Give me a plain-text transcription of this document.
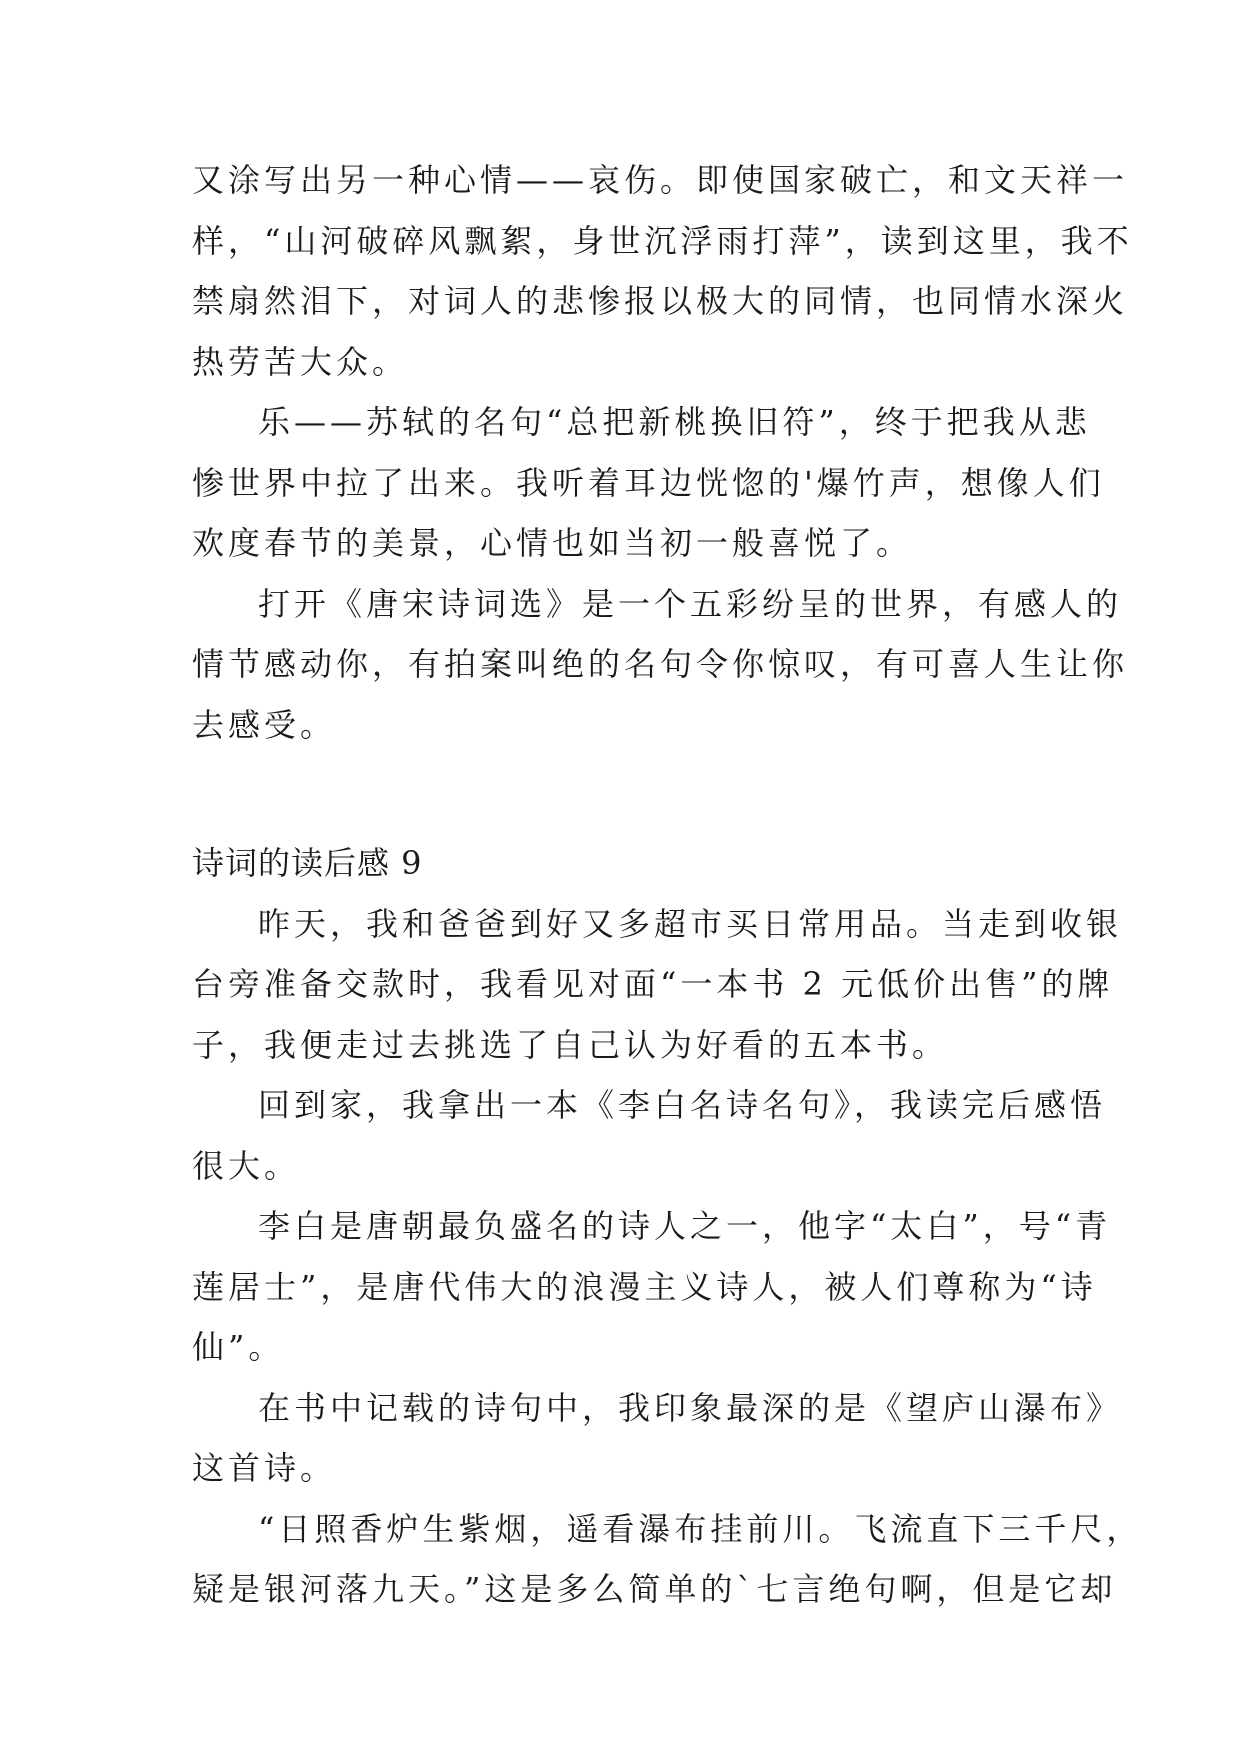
又涂写出另一种心情——哀伤。即使国家破亡，和文天祥一
样，“山河破碎风飘絮，身世沉浮雨打萍”，读到这里，我不
禁扇然泪下，对词人的悲惨报以极大的同情，也同情水深火
热劳苦大众。
乐——苏轼的名句“总把新桃换旧符”，终于把我从悲
惨世界中拉了出来。我听着耳边恍惚的'爆竹声，想像人们
欢度春节的美景，心情也如当初一般喜悦了。
打开《唐宋诗词选》是一个五彩纷呈的世界，有感人的
情节感动你，有拍案叫绝的名句令你惊叹，有可喜人生让你
去感受。
诗词的读后感 9
昨天，我和爸爸到好又多超市买日常用品。当走到收银
台旁准备交款时，我看见对面“一本书 2 元低价出售”的牌
子，我便走过去挑选了自己认为好看的五本书。
回到家，我拿出一本《李白名诗名句》，我读完后感悟
很大。
李白是唐朝最负盛名的诗人之一，他字“太白”，号“青
莲居士”，是唐代伟大的浪漫主义诗人，被人们尊称为“诗
仙”。
在书中记载的诗句中，我印象最深的是《望庐山瀑布》
这首诗。
“日照香炉生紫烟，遥看瀑布挂前川。飞流直下三千尺，
疑是银河落九天。”这是多么简单的`七言绝句啊，但是它却
